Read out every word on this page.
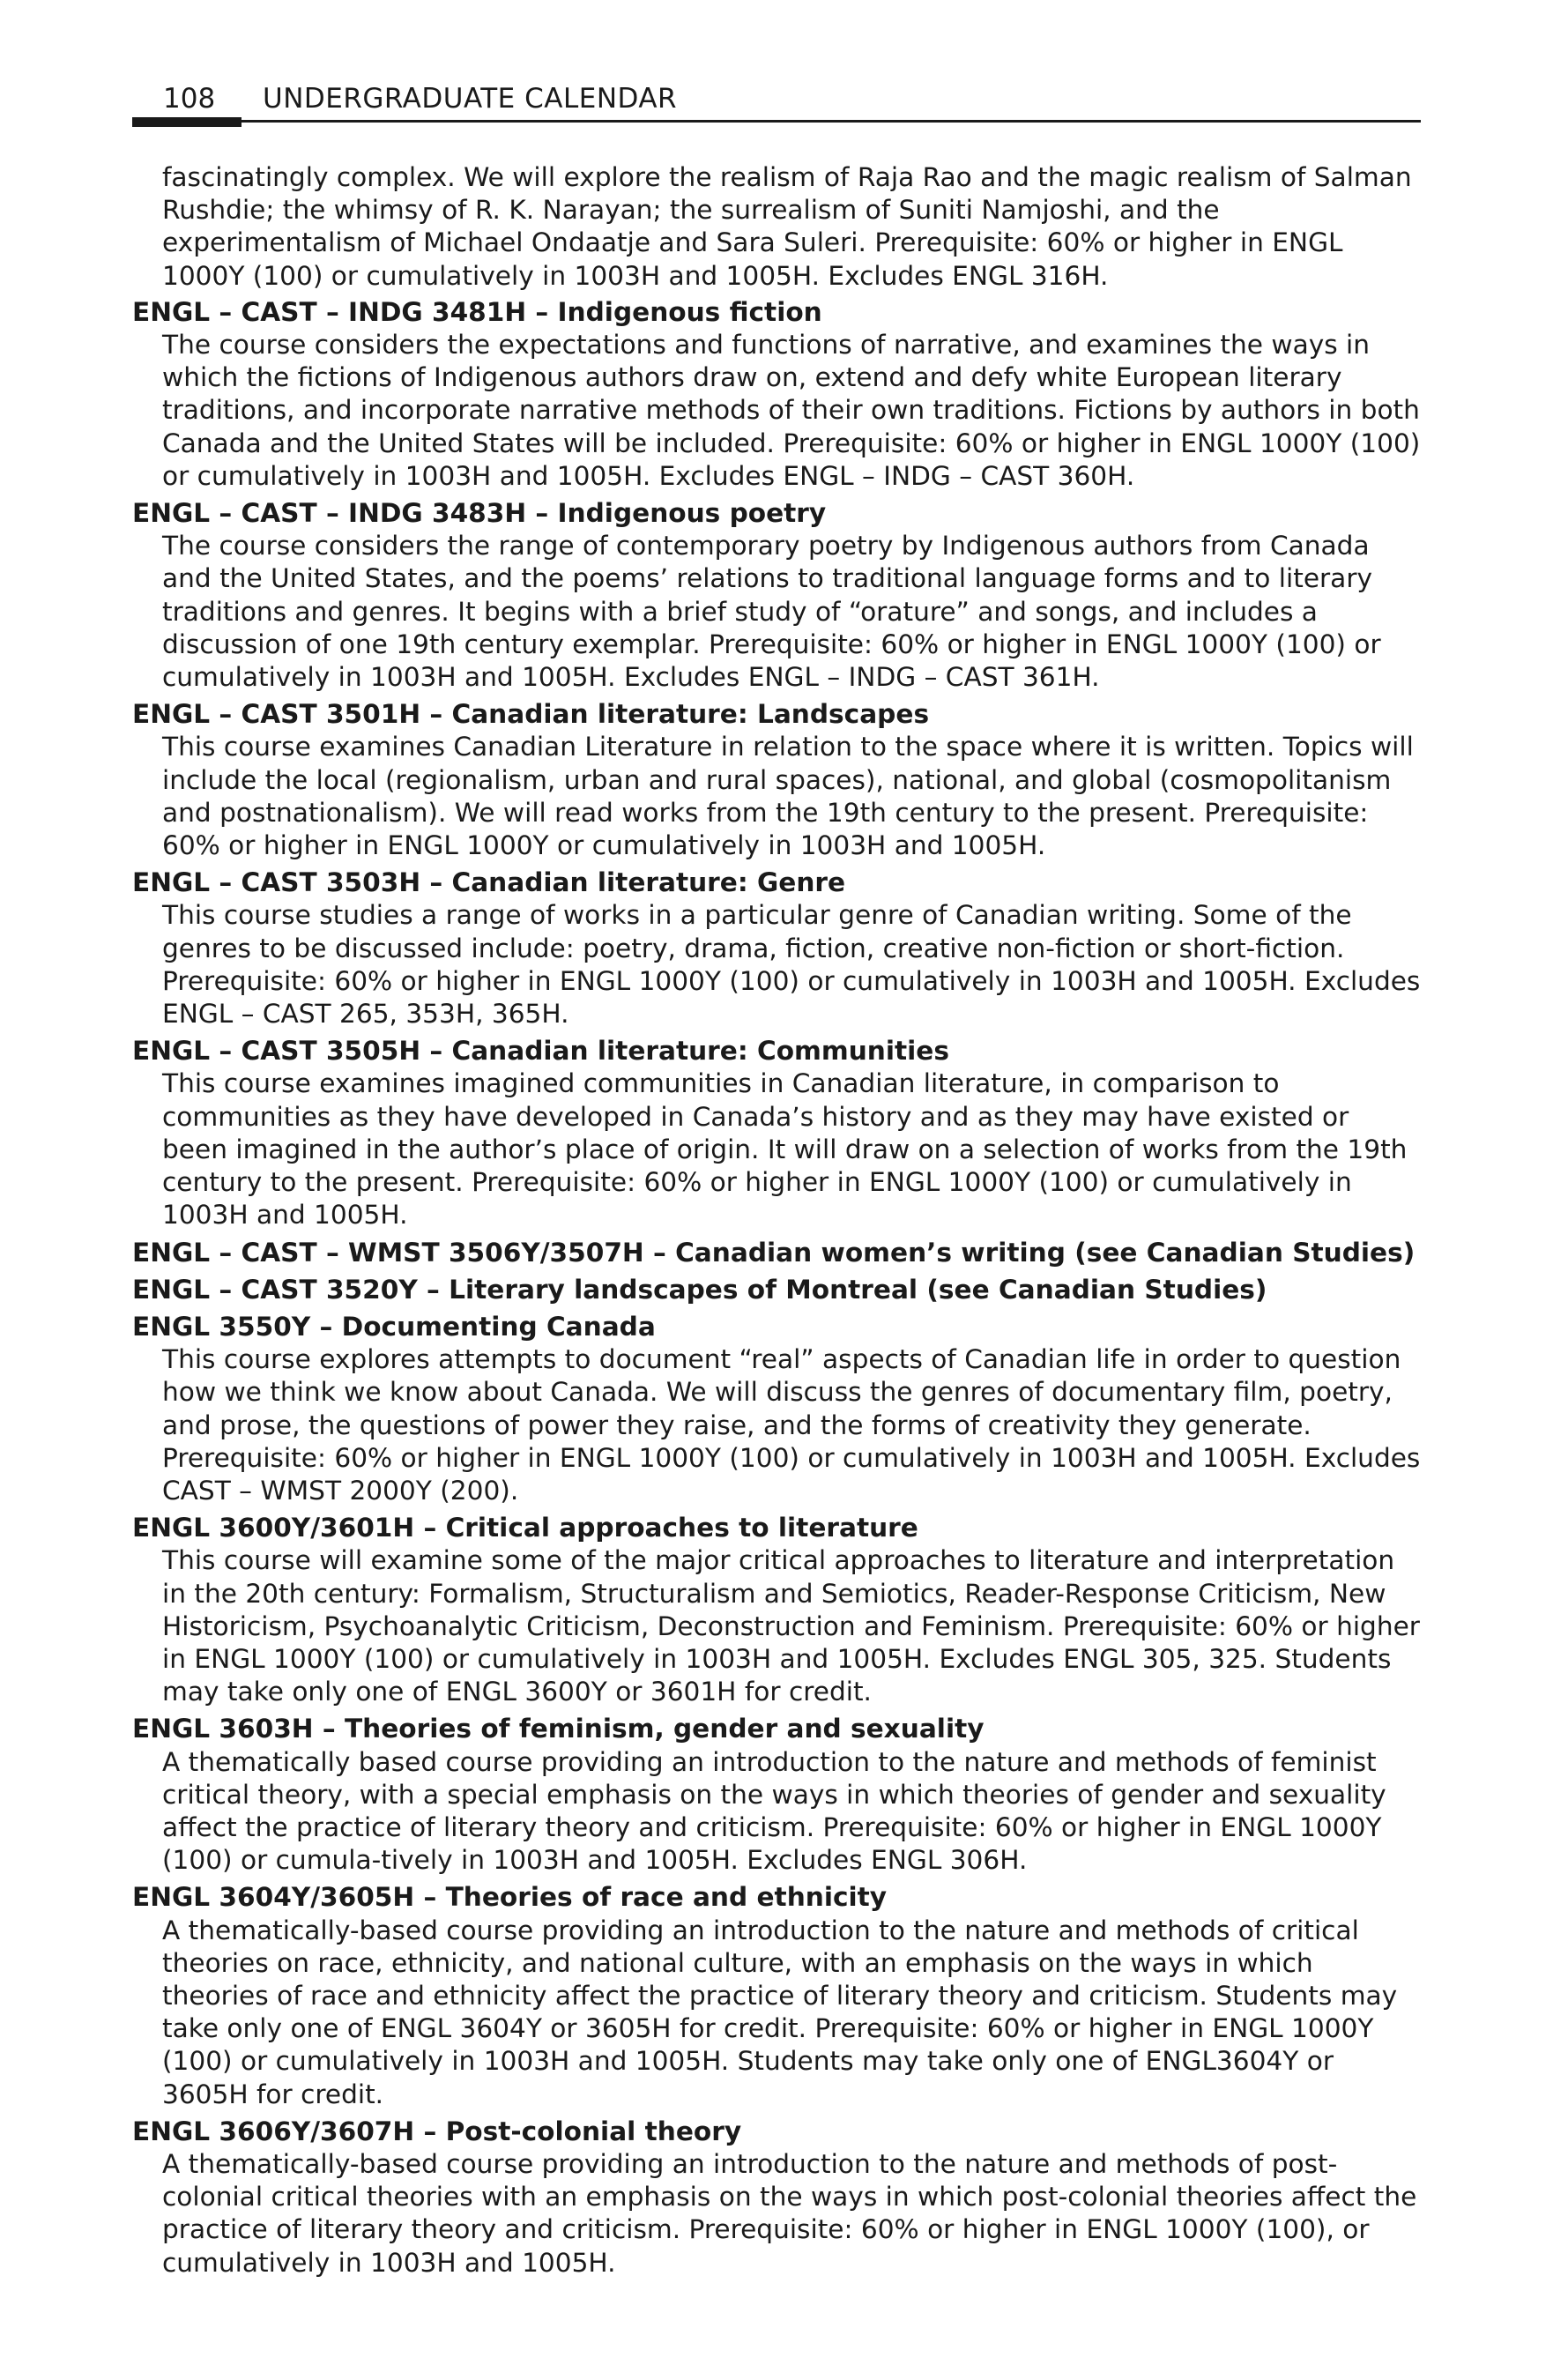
108 UNDERGRADUATE CALENDAR

fascinatingly complex. We will explore the realism of Raja Rao and the magic realism of Salman Rushdie; the whimsy of R. K. Narayan; the surrealism of Suniti Namjoshi, and the experimentalism of Michael Ondaatje and Sara Suleri. Prerequisite: 60% or higher in ENGL 1000Y (100) or cumulatively in 1003H and 1005H. Excludes ENGL 316H.

ENGL – CAST – INDG 3481H – Indigenous fiction

The course considers the expectations and functions of narrative, and examines the ways in which the fictions of Indigenous authors draw on, extend and defy white European literary traditions, and incorporate narrative methods of their own traditions. Fictions by authors in both Canada and the United States will be included. Prerequisite: 60% or higher in ENGL 1000Y (100) or cumulatively in 1003H and 1005H. Excludes ENGL – INDG – CAST 360H.

ENGL – CAST – INDG 3483H – Indigenous poetry

The course considers the range of contemporary poetry by Indigenous authors from Canada and the United States, and the poems’ relations to traditional language forms and to literary traditions and genres. It begins with a brief study of “orature” and songs, and includes a discussion of one 19th century exemplar. Prerequisite: 60% or higher in ENGL 1000Y (100) or cumulatively in 1003H and 1005H. Excludes ENGL – INDG – CAST 361H.

ENGL – CAST 3501H – Canadian literature: Landscapes

This course examines Canadian Literature in relation to the space where it is written. Topics will include the local (regionalism, urban and rural spaces), national, and global (cosmopolitanism and postnationalism). We will read works from the 19th century to the present. Prerequisite: 60% or higher in ENGL 1000Y or cumulatively in 1003H and 1005H.

ENGL – CAST 3503H – Canadian literature: Genre

This course studies a range of works in a particular genre of Canadian writing. Some of the genres to be discussed include: poetry, drama, fiction, creative non-fiction or short-fiction. Prerequisite: 60% or higher in ENGL 1000Y (100) or cumulatively in 1003H and 1005H. Excludes ENGL – CAST 265, 353H, 365H.

ENGL – CAST 3505H – Canadian literature: Communities

This course examines imagined communities in Canadian literature, in comparison to communities as they have developed in Canada’s history and as they may have existed or been imagined in the author’s place of origin. It will draw on a selection of works from the 19th century to the present. Prerequisite: 60% or higher in ENGL 1000Y (100) or cumulatively in 1003H and 1005H.

ENGL – CAST – WMST 3506Y/3507H – Canadian women’s writing (see Canadian Studies)

ENGL – CAST 3520Y – Literary landscapes of Montreal (see Canadian Studies)

ENGL 3550Y – Documenting Canada

This course explores attempts to document “real” aspects of Canadian life in order to question how we think we know about Canada. We will discuss the genres of documentary film, poetry, and prose, the questions of power they raise, and the forms of creativity they generate. Prerequisite: 60% or higher in ENGL 1000Y (100) or cumulatively in 1003H and 1005H. Excludes CAST – WMST 2000Y (200).

ENGL 3600Y/3601H – Critical approaches to literature

This course will examine some of the major critical approaches to literature and interpretation in the 20th century: Formalism, Structuralism and Semiotics, Reader-Response Criticism, New Historicism, Psychoanalytic Criticism, Deconstruction and Feminism. Prerequisite: 60% or higher in ENGL 1000Y (100) or cumulatively in 1003H and 1005H. Excludes ENGL 305, 325. Students may take only one of ENGL 3600Y or 3601H for credit.

ENGL 3603H – Theories of feminism, gender and sexuality

A thematically based course providing an introduction to the nature and methods of feminist critical theory, with a special emphasis on the ways in which theories of gender and sexuality affect the practice of literary theory and criticism. Prerequisite: 60% or higher in ENGL 1000Y (100) or cumula-tively in 1003H and 1005H. Excludes ENGL 306H.

ENGL 3604Y/3605H – Theories of race and ethnicity

A thematically-based course providing an introduction to the nature and methods of critical theories on race, ethnicity, and national culture, with an emphasis on the ways in which theories of race and ethnicity affect the practice of literary theory and criticism. Students may take only one of ENGL 3604Y or 3605H for credit. Prerequisite: 60% or higher in ENGL 1000Y (100) or cumulatively in 1003H and 1005H. Students may take only one of ENGL3604Y or 3605H for credit.

ENGL 3606Y/3607H – Post-colonial theory

A thematically-based course providing an introduction to the nature and methods of post-colonial critical theories with an emphasis on the ways in which post-colonial theories affect the practice of literary theory and criticism. Prerequisite: 60% or higher in ENGL 1000Y (100), or cumulatively in 1003H and 1005H.
